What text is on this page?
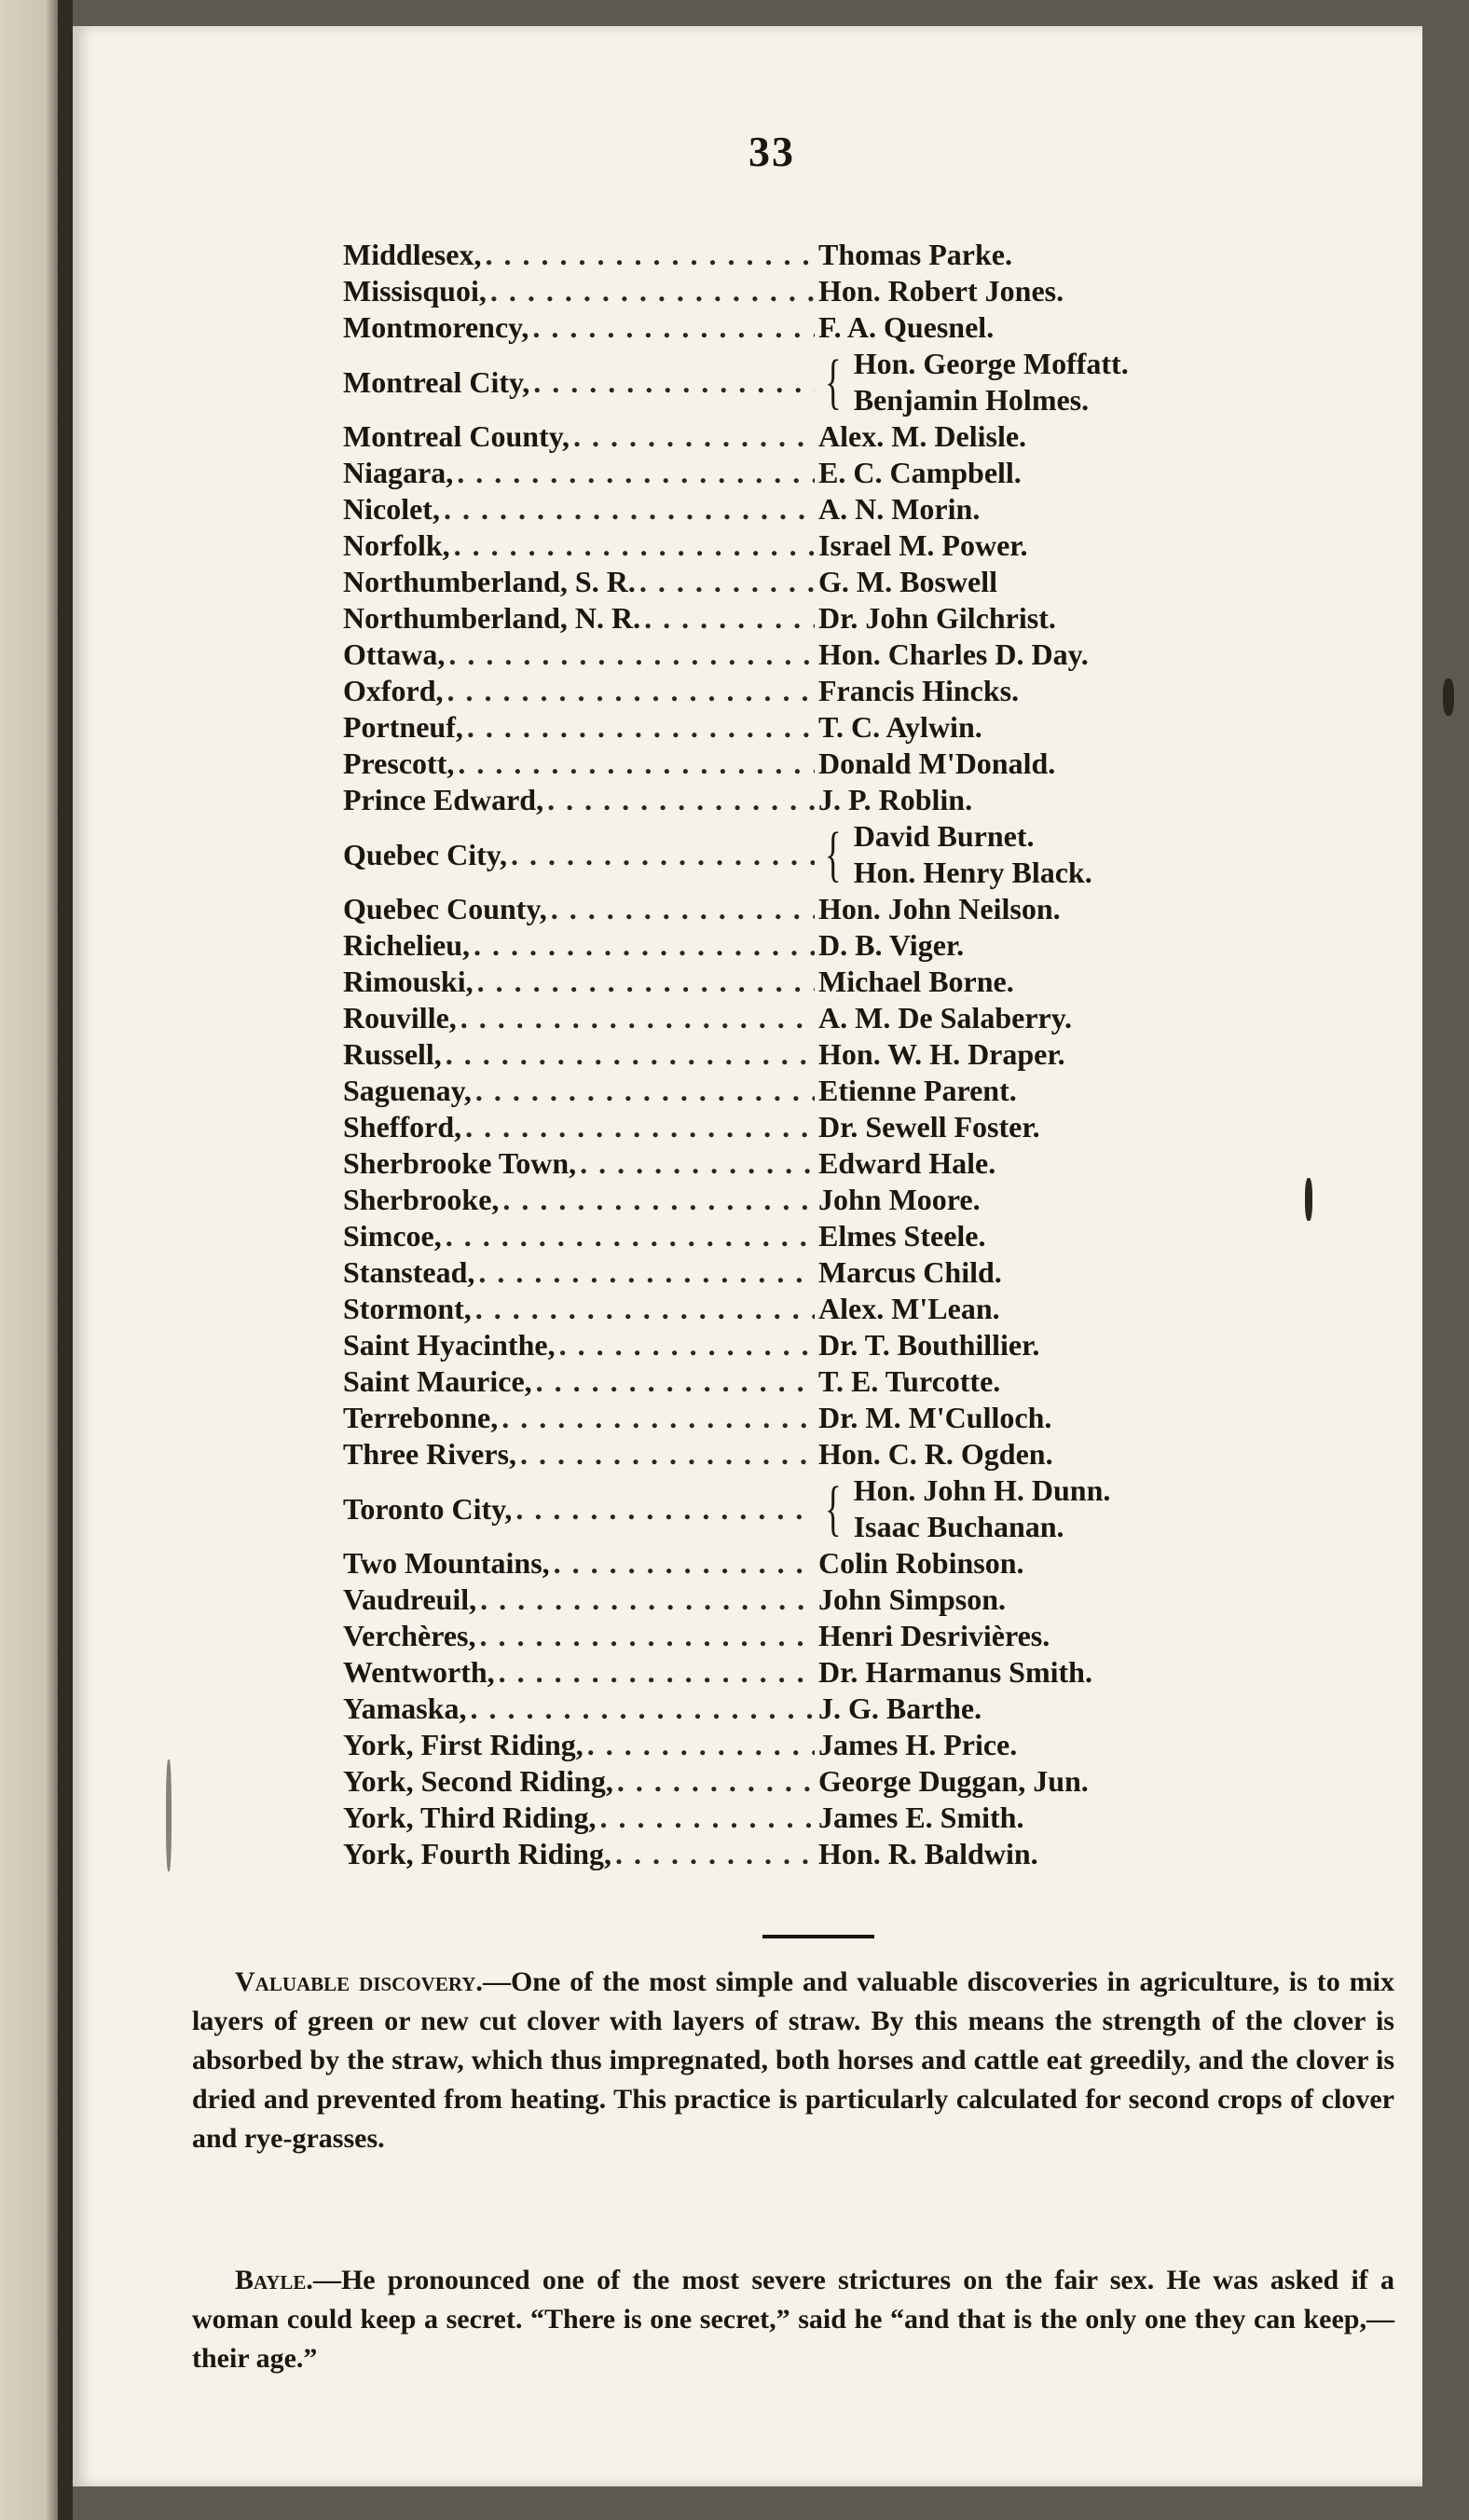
33
Middlesex, . . .	Thomas Parke.
Missisquoi, . . .	Hon. Robert Jones.
Montmorency, . . .	F. A. Quesnel.
Montreal City, . . .	{ Hon. George Moffatt.
Benjamin Holmes.
Montreal County, . . .	Alex. M. Delisle.
Niagara, . . .	E. C. Campbell.
Nicolet, . . .	A. N. Morin.
Norfolk, . . .	Israel M. Power.
Northumberland, S. R. . . .	G. M. Boswell
Northumberland, N. R. . . .	Dr. John Gilchrist.
Ottawa, . . .	Hon. Charles D. Day.
Oxford, . . .	Francis Hincks.
Portneuf, . . .	T. C. Aylwin.
Prescott, . . .	Donald M'Donald.
Prince Edward, . . .	J. P. Roblin.
Quebec City, . . .	{ David Burnet.
Hon. Henry Black.
Quebec County, . . .	Hon. John Neilson.
Richelieu, . . .	D. B. Viger.
Rimouski, . . .	Michael Borne.
Rouville, . . .	A. M. De Salaberry.
Russell, . . .	Hon. W. H. Draper.
Saguenay, . . .	Etienne Parent.
Shefford, . . .	Dr. Sewell Foster.
Sherbrooke Town, . . .	Edward Hale.
Sherbrooke, . . .	John Moore.
Simcoe, . . .	Elmes Steele.
Stanstead, . . .	Marcus Child.
Stormont, . . .	Alex. M'Lean.
Saint Hyacinthe, . . .	Dr. T. Bouthillier.
Saint Maurice, . . .	T. E. Turcotte.
Terrebonne, . . .	Dr. M. M'Culloch.
Three Rivers, . . .	Hon. C. R. Ogden.
Toronto City, . . .	{ Hon. John H. Dunn.
Isaac Buchanan.
Two Mountains, . . .	Colin Robinson.
Vaudreuil, . . .	John Simpson.
Verchères, . . .	Henri Desrivières.
Wentworth, . . .	Dr. Harmanus Smith.
Yamaska, . . .	J. G. Barthe.
York, First Riding, . . .	James H. Price.
York, Second Riding, . . .	George Duggan, Jun.
York, Third Riding, . . .	James E. Smith.
York, Fourth Riding, . . .	Hon. R. Baldwin.

Valuable discovery.—One of the most simple and valuable discoveries in agriculture, is to mix layers of green or new cut clover with layers of straw. By this means the strength of the clover is absorbed by the straw, which thus impregnated, both horses and cattle eat greedily, and the clover is dried and prevented from heating. This practice is particularly calculated for second crops of clover and rye-grasses.

Bayle.—He pronounced one of the most severe strictures on the fair sex. He was asked if a woman could keep a secret. “There is one secret,” said he “and that is the only one they can keep,—their age.”
